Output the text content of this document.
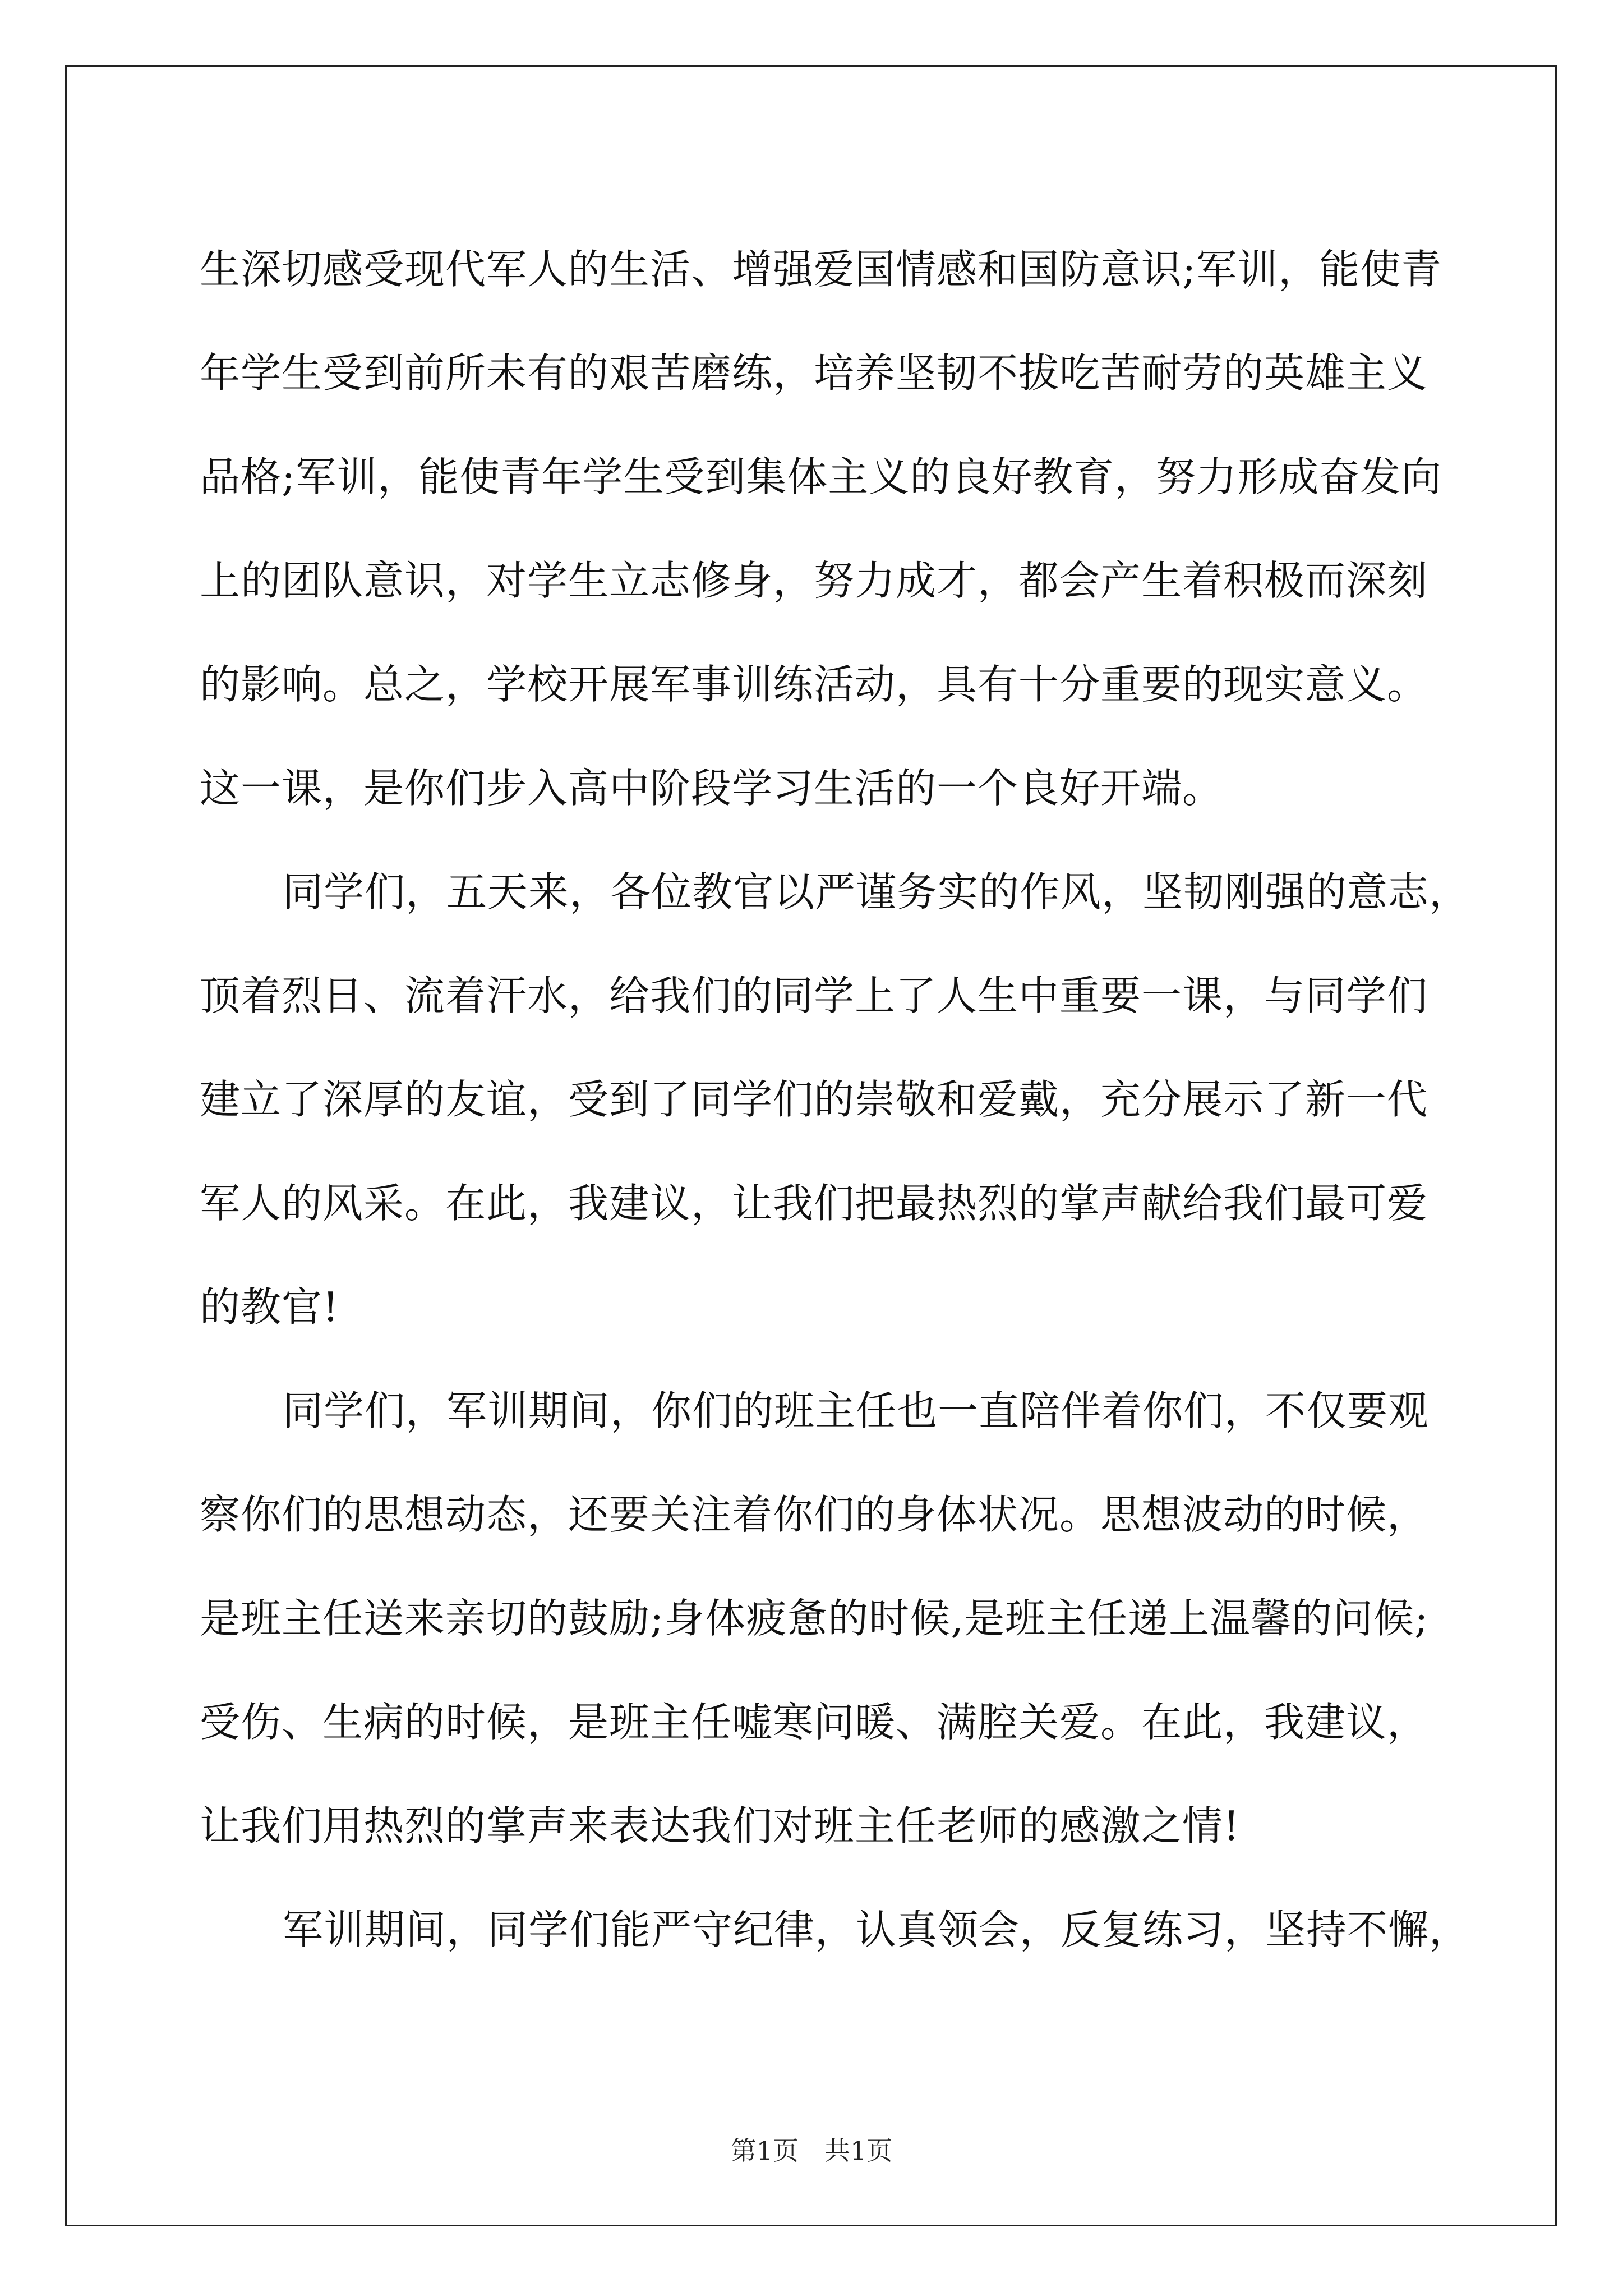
生深切感受现代军人的生活、增强爱国情感和国防意识;军训，能使青
年学生受到前所未有的艰苦磨练，培养坚韧不拔吃苦耐劳的英雄主义
品格;军训，能使青年学生受到集体主义的良好教育，努力形成奋发向
上的团队意识，对学生立志修身，努力成才，都会产生着积极而深刻
的影响。总之，学校开展军事训练活动，具有十分重要的现实意义。
这一课，是你们步入高中阶段学习生活的一个良好开端。
同学们，五天来，各位教官以严谨务实的作风，坚韧刚强的意志，
顶着烈日、流着汗水，给我们的同学上了人生中重要一课，与同学们
建立了深厚的友谊，受到了同学们的崇敬和爱戴，充分展示了新一代
军人的风采。在此，我建议，让我们把最热烈的掌声献给我们最可爱
的教官!
同学们，军训期间，你们的班主任也一直陪伴着你们，不仅要观
察你们的思想动态，还要关注着你们的身体状况。思想波动的时候，
是班主任送来亲切的鼓励;身体疲惫的时候,是班主任递上温馨的问候;
受伤、生病的时候，是班主任嘘寒问暖、满腔关爱。在此，我建议，
让我们用热烈的掌声来表达我们对班主任老师的感激之情!
军训期间，同学们能严守纪律，认真领会，反复练习，坚持不懈，
第1页　共1页
